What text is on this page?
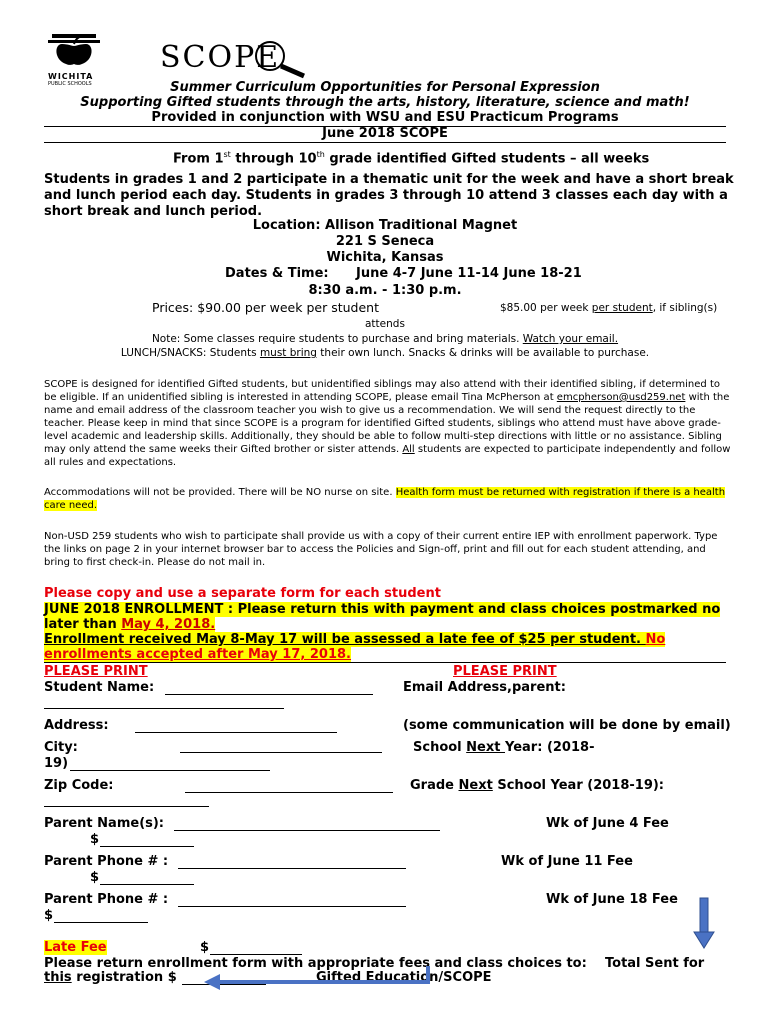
WICHITA
PUBLIC SCHOOLS
SCOPE
Summer Curriculum Opportunities for Personal Expression
Supporting Gifted students through the arts, history, literature, science and math!
Provided in conjunction with WSU and ESU Practicum Programs
June 2018 SCOPE
From 1st through 10th grade identified Gifted students – all weeks
Students in grades 1 and 2 participate in a thematic unit for the week and have a short break and lunch period each day. Students in grades 3 through 10 attend 3 classes each day with a short break and lunch period.
Location: Allison Traditional Magnet
221 S Seneca
Wichita, Kansas
Dates & Time: June 4-7 June 11-14 June 18-21
8:30 a.m. - 1:30 p.m.
Prices: $90.00 per week per student	$85.00 per week per student, if sibling(s)
attends
Note: Some classes require students to purchase and bring materials. Watch your email.
LUNCH/SNACKS: Students must bring their own lunch. Snacks & drinks will be available to purchase.
SCOPE is designed for identified Gifted students, but unidentified siblings may also attend with their identified sibling, if determined to be eligible. If an unidentified sibling is interested in attending SCOPE, please email Tina McPherson at emcpherson@usd259.net with the name and email address of the classroom teacher you wish to give us a recommendation. We will send the request directly to the teacher. Please keep in mind that since SCOPE is a program for identified Gifted students, siblings who attend must have above grade-level academic and leadership skills. Additionally, they should be able to follow multi-step directions with little or no assistance. Sibling may only attend the same weeks their Gifted brother or sister attends. All students are expected to participate independently and follow all rules and expectations.
Accommodations will not be provided. There will be NO nurse on site. Health form must be returned with registration if there is a health care need.
Non-USD 259 students who wish to participate shall provide us with a copy of their current entire IEP with enrollment paperwork. Type the links on page 2 in your internet browser bar to access the Policies and Sign-off, print and fill out for each student attending, and bring to first check-in. Please do not mail in.
Please copy and use a separate form for each student
JUNE 2018 ENROLLMENT : Please return this with payment and class choices postmarked no later than May 4, 2018.
Enrollment received May 8-May 17 will be assessed a late fee of $25 per student. No enrollments accepted after May 17, 2018.
PLEASE PRINT	PLEASE PRINT
Student Name:	Email Address,parent:
Address:	(some communication will be done by email)
City:	School Next Year: (2018-
19)
Zip Code:	Grade Next School Year (2018-19):
Parent Name(s):	Wk of June 4 Fee
$
Parent Phone # :	Wk of June 11 Fee
$
Parent Phone # :	Wk of June 18 Fee
$
Late Fee	$
Please return enrollment form with appropriate fees and class choices to: Total Sent for
this registration $	Gifted Education/SCOPE
